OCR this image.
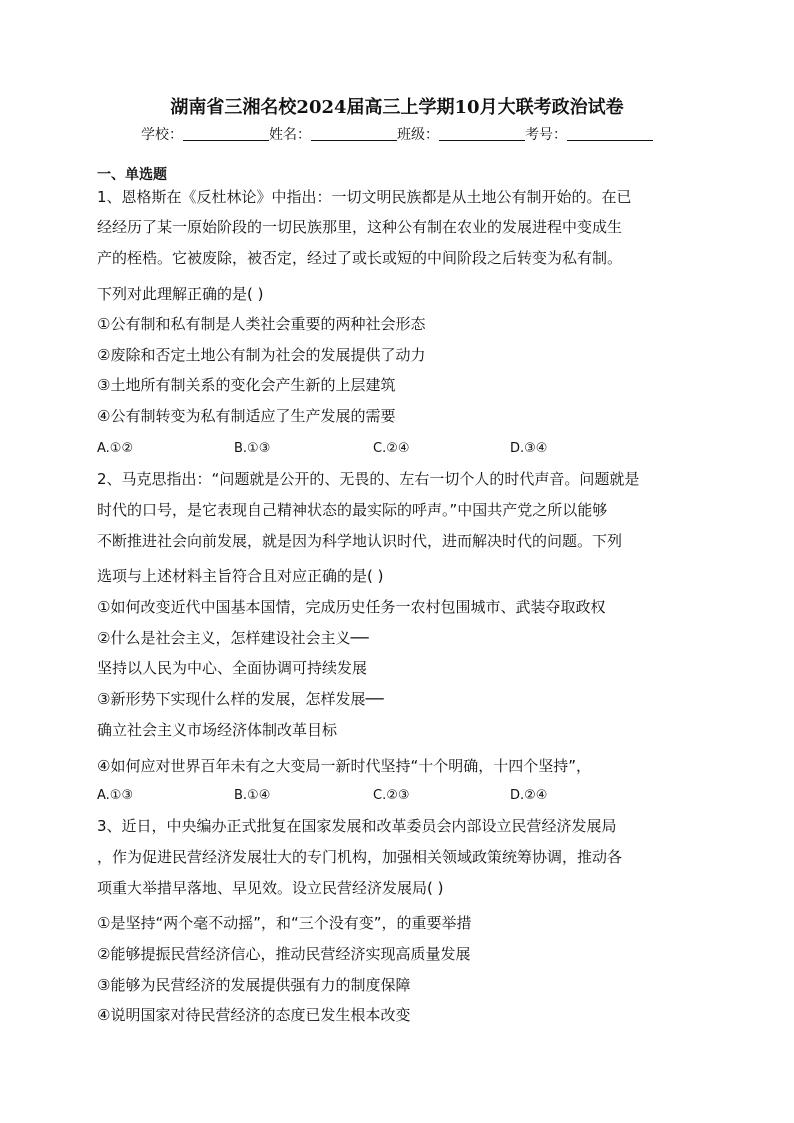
湖南省三湘名校2024届高三上学期10月大联考政治试卷
学校：	姓名：	班级：	考号：
一、单选题
1、恩格斯在《反杜林论》中指出：一切文明民族都是从土地公有制开始的。在已
经经历了某一原始阶段的一切民族那里，这种公有制在农业的发展进程中变成生
产的桎梏。它被废除，被否定，经过了或长或短的中间阶段之后转变为私有制。
下列对此理解正确的是( )
①公有制和私有制是人类社会重要的两种社会形态
②废除和否定土地公有制为社会的发展提供了动力
③土地所有制关系的变化会产生新的上层建筑
④公有制转变为私有制适应了生产发展的需要
A.①②	B.①③	C.②④	D.③④
2、马克思指出：“问题就是公开的、无畏的、左右一切个人的时代声音。问题就是
时代的口号，是它表现自己精神状态的最实际的呼声。”中国共产党之所以能够
不断推进社会向前发展，就是因为科学地认识时代，进而解决时代的问题。下列
选项与上述材料主旨符合且对应正确的是( )
①如何改变近代中国基本国情，完成历史任务一农村包围城市、武装夺取政权
②什么是社会主义，怎样建设社会主义──
坚持以人民为中心、全面协调可持续发展
③新形势下实现什么样的发展，怎样发展──
确立社会主义市场经济体制改革目标
④如何应对世界百年未有之大变局一新时代坚持“十个明确，十四个坚持”，
A.①③	B.①④	C.②③	D.②④
3、近日，中央编办正式批复在国家发展和改革委员会内部设立民营经济发展局
，作为促进民营经济发展壮大的专门机构，加强相关领域政策统筹协调，推动各
项重大举措早落地、早见效。设立民营经济发展局( )
①是坚持“两个毫不动摇”，和“三个没有变”，的重要举措
②能够提振民营经济信心，推动民营经济实现高质量发展
③能够为民营经济的发展提供强有力的制度保障
④说明国家对待民营经济的态度已发生根本改变
